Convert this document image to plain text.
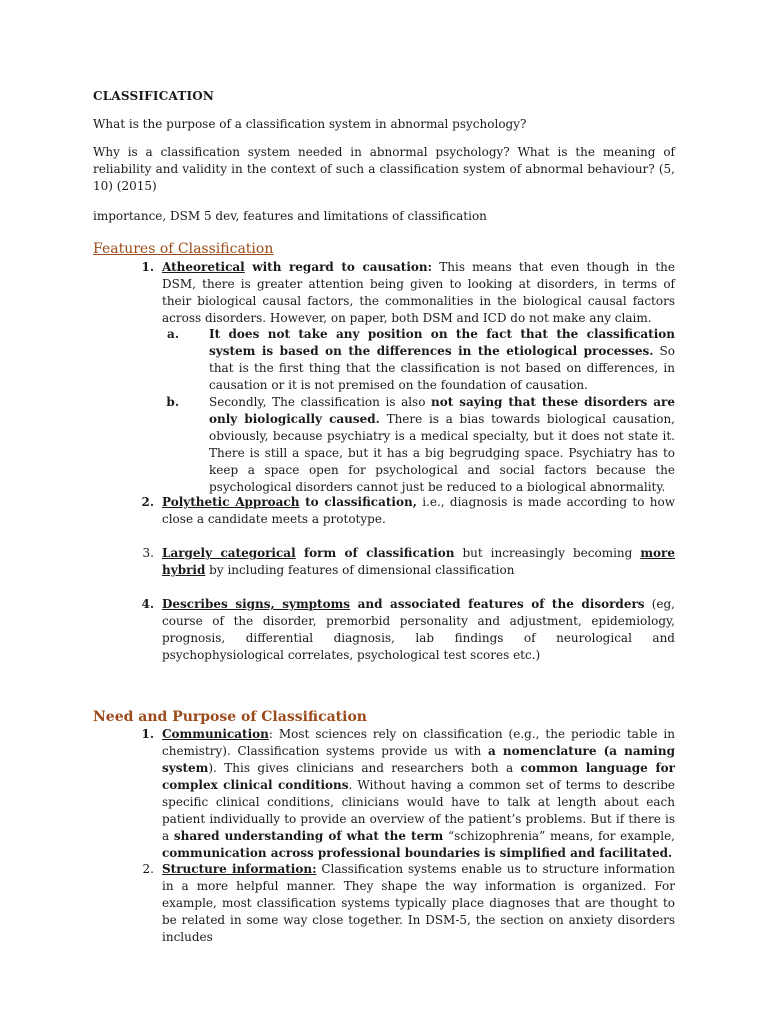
CLASSIFICATION
What is the purpose of a classification system in abnormal psychology?
Why is a classification system needed in abnormal psychology? What is the meaning of reliability and validity in the context of such a classification system of abnormal behaviour? (5, 10) (2015)
importance, DSM 5 dev, features and limitations of classification
Features of Classification
1. Atheoretical with regard to causation: This means that even though in the DSM, there is greater attention being given to looking at disorders, in terms of their biological causal factors, the commonalities in the biological causal factors across disorders. However, on paper, both DSM and ICD do not make any claim.
a.	It does not take any position on the fact that the classification system is based on the differences in the etiological processes. So that is the first thing that the classification is not based on differences, in causation or it is not premised on the foundation of causation.
b.	Secondly, The classification is also not saying that these disorders are only biologically caused. There is a bias towards biological causation, obviously, because psychiatry is a medical specialty, but it does not state it. There is still a space, but it has a big begrudging space. Psychiatry has to keep a space open for psychological and social factors because the psychological disorders cannot just be reduced to a biological abnormality.
2. Polythetic Approach to classification, i.e., diagnosis is made according to how close a candidate meets a prototype.
3. Largely categorical form of classification but increasingly becoming more hybrid by including features of dimensional classification
4. Describes signs, symptoms and associated features of the disorders (eg, course of the disorder, premorbid personality and adjustment, epidemiology, prognosis, differential diagnosis, lab findings of neurological and psychophysiological correlates, psychological test scores etc.)
Need and Purpose of Classification
1. Communication: Most sciences rely on classification (e.g., the periodic table in chemistry). Classification systems provide us with a nomenclature (a naming system). This gives clinicians and researchers both a common language for complex clinical conditions. Without having a common set of terms to describe specific clinical conditions, clinicians would have to talk at length about each patient individually to provide an overview of the patient’s problems. But if there is a shared understanding of what the term “schizophrenia” means, for example, communication across professional boundaries is simplified and facilitated.
2. Structure information: Classification systems enable us to structure information in a more helpful manner. They shape the way information is organized. For example, most classification systems typically place diagnoses that are thought to be related in some way close together. In DSM-5, the section on anxiety disorders includes
